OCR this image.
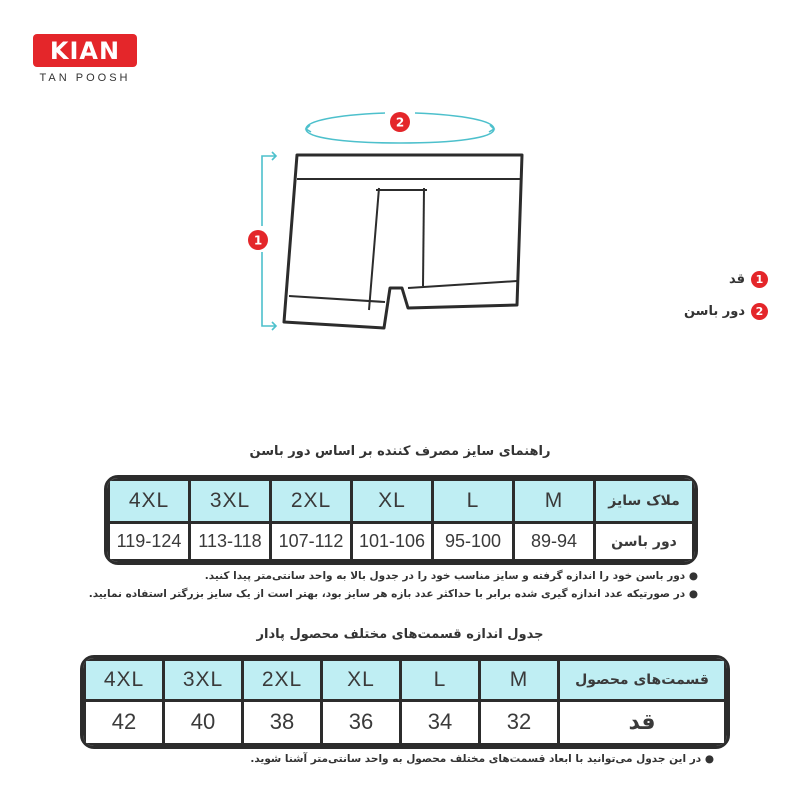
KIAN
TAN POOSH
2
1
1
قد
2
دور باسن
راهنمای سایز مصرف کننده بر اساس دور باسن
4XL	3XL	2XL	XL	L	M	ملاک سایز
119-124	113-118	107-112	101-106	95-100	89-94	دور باسن
● دور باسن خود را اندازه گرفته و سایز مناسب خود را در جدول بالا به واحد سانتی‌متر پیدا کنید.
● در صورتیکه عدد اندازه گیری شده برابر با حداکثر عدد بازه هر سایز بود، بهتر است از یک سایز بزرگتر استفاده نمایید.
جدول اندازه قسمت‌های مختلف محصول پادار
4XL	3XL	2XL	XL	L	M	قسمت‌های محصول
42	40	38	36	34	32	قد
● در این جدول می‌توانید با ابعاد قسمت‌های مختلف محصول به واحد سانتی‌متر آشنا شوید.
